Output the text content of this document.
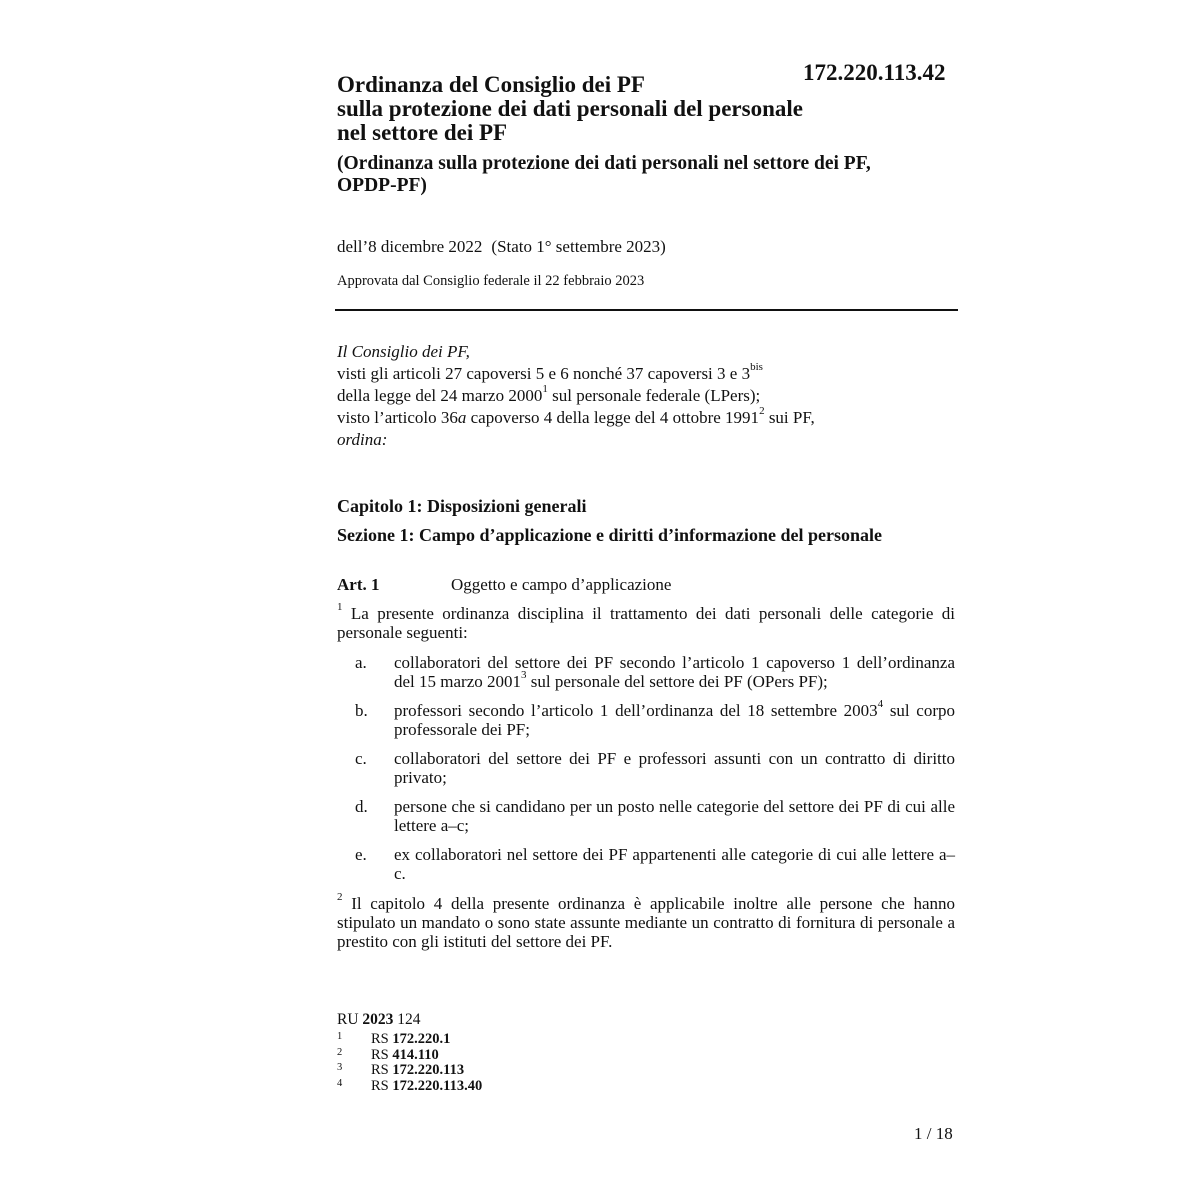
172.220.113.42
Ordinanza del Consiglio dei PF
sulla protezione dei dati personali del personale
nel settore dei PF
(Ordinanza sulla protezione dei dati personali nel settore dei PF,
OPDP-PF)
dell’8 dicembre 2022 (Stato 1° settembre 2023)
Approvata dal Consiglio federale il 22 febbraio 2023
Il Consiglio dei PF,
visti gli articoli 27 capoversi 5 e 6 nonché 37 capoversi 3 e $3^{bis}$
della legge del 24 marzo 2000$^1$ sul personale federale (LPers);
visto l’articolo 36a capoverso 4 della legge del 4 ottobre 1991$^2$ sui PF,
ordina:
Capitolo 1: Disposizioni generali
Sezione 1: Campo d’applicazione e diritti d’informazione del personale
Art. 1	Oggetto e campo d’applicazione
$^1$ La presente ordinanza disciplina il trattamento dei dati personali delle categorie di personale seguenti:
a.	collaboratori del settore dei PF secondo l’articolo 1 capoverso 1 dell’ordinanza del 15 marzo 2001$^3$ sul personale del settore dei PF (OPers PF);
b.	professori secondo l’articolo 1 dell’ordinanza del 18 settembre 2003$^4$ sul corpo professorale dei PF;
c.	collaboratori del settore dei PF e professori assunti con un contratto di diritto privato;
d.	persone che si candidano per un posto nelle categorie del settore dei PF di cui alle lettere a–c;
e.	ex collaboratori nel settore dei PF appartenenti alle categorie di cui alle lettere a–c.
$^2$ Il capitolo 4 della presente ordinanza è applicabile inoltre alle persone che hanno stipulato un mandato o sono state assunte mediante un contratto di fornitura di personale a prestito con gli istituti del settore dei PF.
RU 2023 124
1	RS 172.220.1
2	RS 414.110
3	RS 172.220.113
4	RS 172.220.113.40
1 / 18
